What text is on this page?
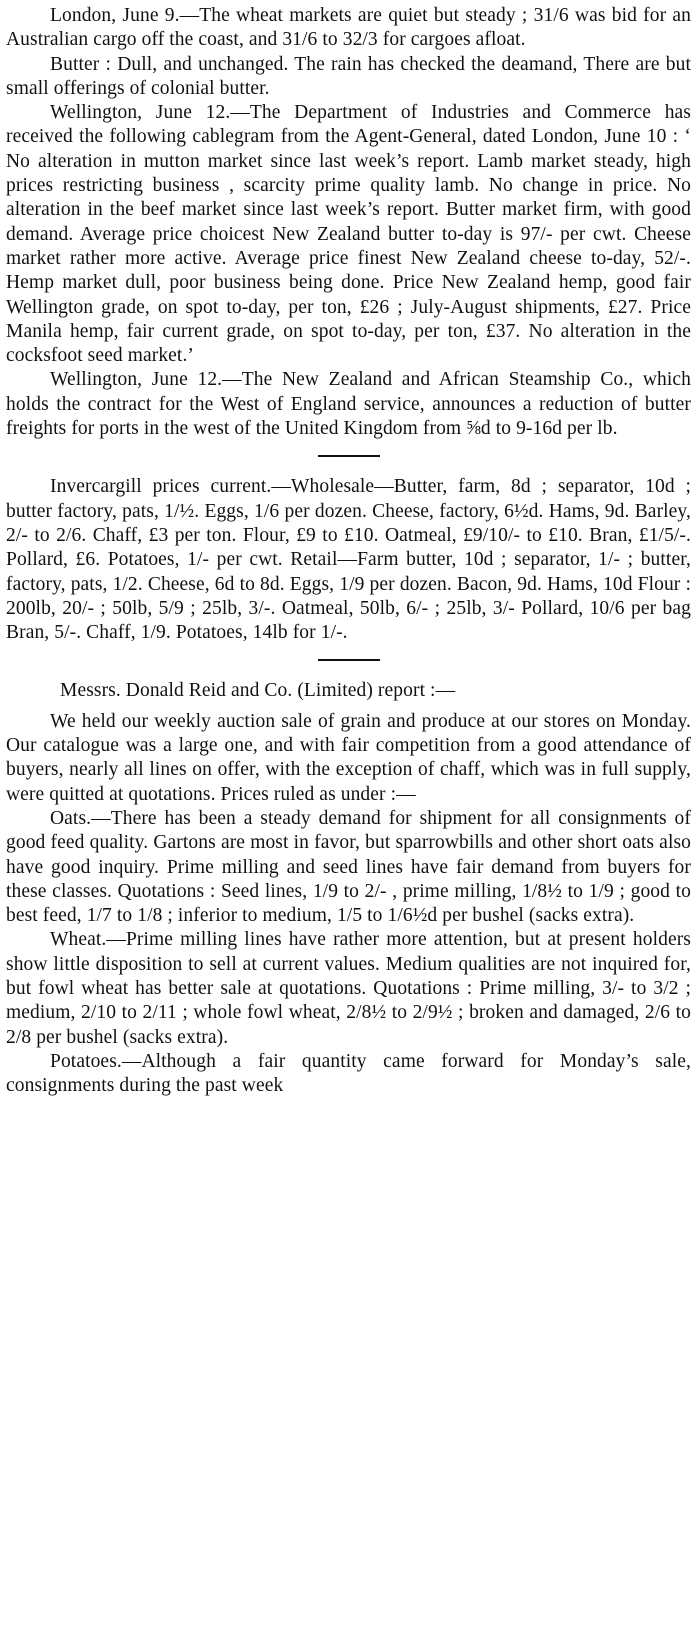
London, June 9.—The wheat markets are quiet but steady ; 31/6 was bid for an Australian cargo off the coast, and 31/6 to 32/3 for cargoes afloat.

Butter : Dull, and unchanged. The rain has checked the deamand, There are but small offerings of colonial butter.

Wellington, June 12.—The Department of Industries and Commerce has received the following cablegram from the Agent-General, dated London, June 10 : ‘ No alteration in mutton market since last week’s report. Lamb market steady, high prices restricting business , scarcity prime quality lamb. No change in price. No alteration in the beef market since last week’s report. Butter market firm, with good demand. Average price choicest New Zealand butter to-day is 97/- per cwt. Cheese market rather more active. Average price finest New Zealand cheese to-day, 52/-. Hemp market dull, poor business being done. Price New Zealand hemp, good fair Wellington grade, on spot to-day, per ton, £26 ; July-August shipments, £27. Price Manila hemp, fair current grade, on spot to-day, per ton, £37. No alteration in the cocksfoot seed market.’

Wellington, June 12.—The New Zealand and African Steamship Co., which holds the contract for the West of England service, announces a reduction of butter freights for ports in the west of the United Kingdom from ⅝d to 9-16d per lb.

Invercargill prices current.—Wholesale—Butter, farm, 8d ; separator, 10d ; butter factory, pats, 1/½. Eggs, 1/6 per dozen. Cheese, factory, 6½d. Hams, 9d. Barley, 2/- to 2/6. Chaff, £3 per ton. Flour, £9 to £10. Oatmeal, £9/10/- to £10. Bran, £1/5/-. Pollard, £6. Potatoes, 1/- per cwt. Retail—Farm butter, 10d ; separator, 1/- ; butter, factory, pats, 1/2. Cheese, 6d to 8d. Eggs, 1/9 per dozen. Bacon, 9d. Hams, 10d Flour : 200lb, 20/- ; 50lb, 5/9 ; 25lb, 3/-. Oatmeal, 50lb, 6/- ; 25lb, 3/- Pollard, 10/6 per bag Bran, 5/-. Chaff, 1/9. Potatoes, 14lb for 1/-.

Messrs. Donald Reid and Co. (Limited) report :—

We held our weekly auction sale of grain and produce at our stores on Monday. Our catalogue was a large one, and with fair competition from a good attendance of buyers, nearly all lines on offer, with the exception of chaff, which was in full supply, were quitted at quotations. Prices ruled as under :—

Oats.—There has been a steady demand for shipment for all consignments of good feed quality. Gartons are most in favor, but sparrowbills and other short oats also have good inquiry. Prime milling and seed lines have fair demand from buyers for these classes. Quotations : Seed lines, 1/9 to 2/- , prime milling, 1/8½ to 1/9 ; good to best feed, 1/7 to 1/8 ; inferior to medium, 1/5 to 1/6½d per bushel (sacks extra).

Wheat.—Prime milling lines have rather more attention, but at present holders show little disposition to sell at current values. Medium qualities are not inquired for, but fowl wheat has better sale at quotations. Quotations : Prime milling, 3/- to 3/2 ; medium, 2/10 to 2/11 ; whole fowl wheat, 2/8½ to 2/9½ ; broken and damaged, 2/6 to 2/8 per bushel (sacks extra).

Potatoes.—Although a fair quantity came forward for Monday’s sale, consignments during the past week
